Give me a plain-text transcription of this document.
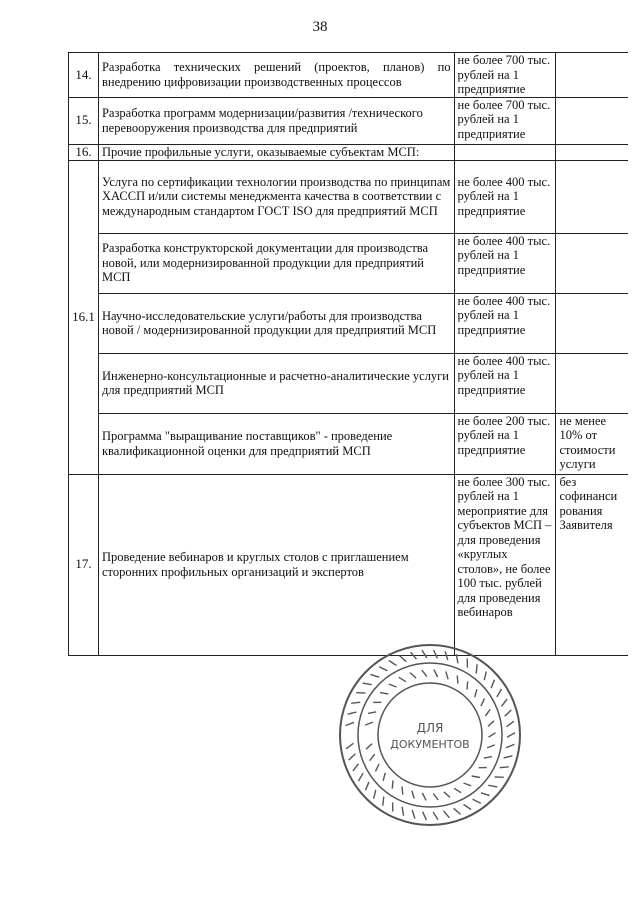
38
14.	Разработка технических решений (проектов, планов) по внедрению цифровизации производственных процессов	не более 700 тыс. рублей на 1 предприятие	
15.	Разработка программ модернизации/развития /технического перевооружения производства для предприятий	не более 700 тыс. рублей на 1 предприятие	
16.	Прочие профильные услуги, оказываемые субъектам МСП:		
16.1	Услуга по сертификации технологии производства по принципам ХАССП и/или системы менеджмента качества в соответствии с международным стандартом ГОСТ ISO для предприятий МСП	не более 400 тыс. рублей на 1 предприятие	
	Разработка конструкторской документации для производства новой, или модернизированной продукции для предприятий МСП	не более 400 тыс. рублей на 1 предприятие	
	Научно-исследовательские услуги/работы для производства новой / модернизированной продукции для предприятий МСП	не более 400 тыс. рублей на 1 предприятие	
	Инженерно-консультационные и расчетно-аналитические услуги для предприятий МСП	не более 400 тыс. рублей на 1 предприятие	
	Программа "выращивание поставщиков" - проведение квалификационной оценки для предприятий МСП	не более 200 тыс. рублей на 1 предприятие	не менее 10% от стоимости услуги
17.	Проведение вебинаров и круглых столов с приглашением сторонних профильных организаций и экспертов	не более 300 тыс. рублей на 1 мероприятие для субъектов МСП – для проведения «круглых столов», не более 100 тыс. рублей для проведения вебинаров	без софинанси рования Заявителя
ДЛЯ
ДОКУМЕНТОВ
